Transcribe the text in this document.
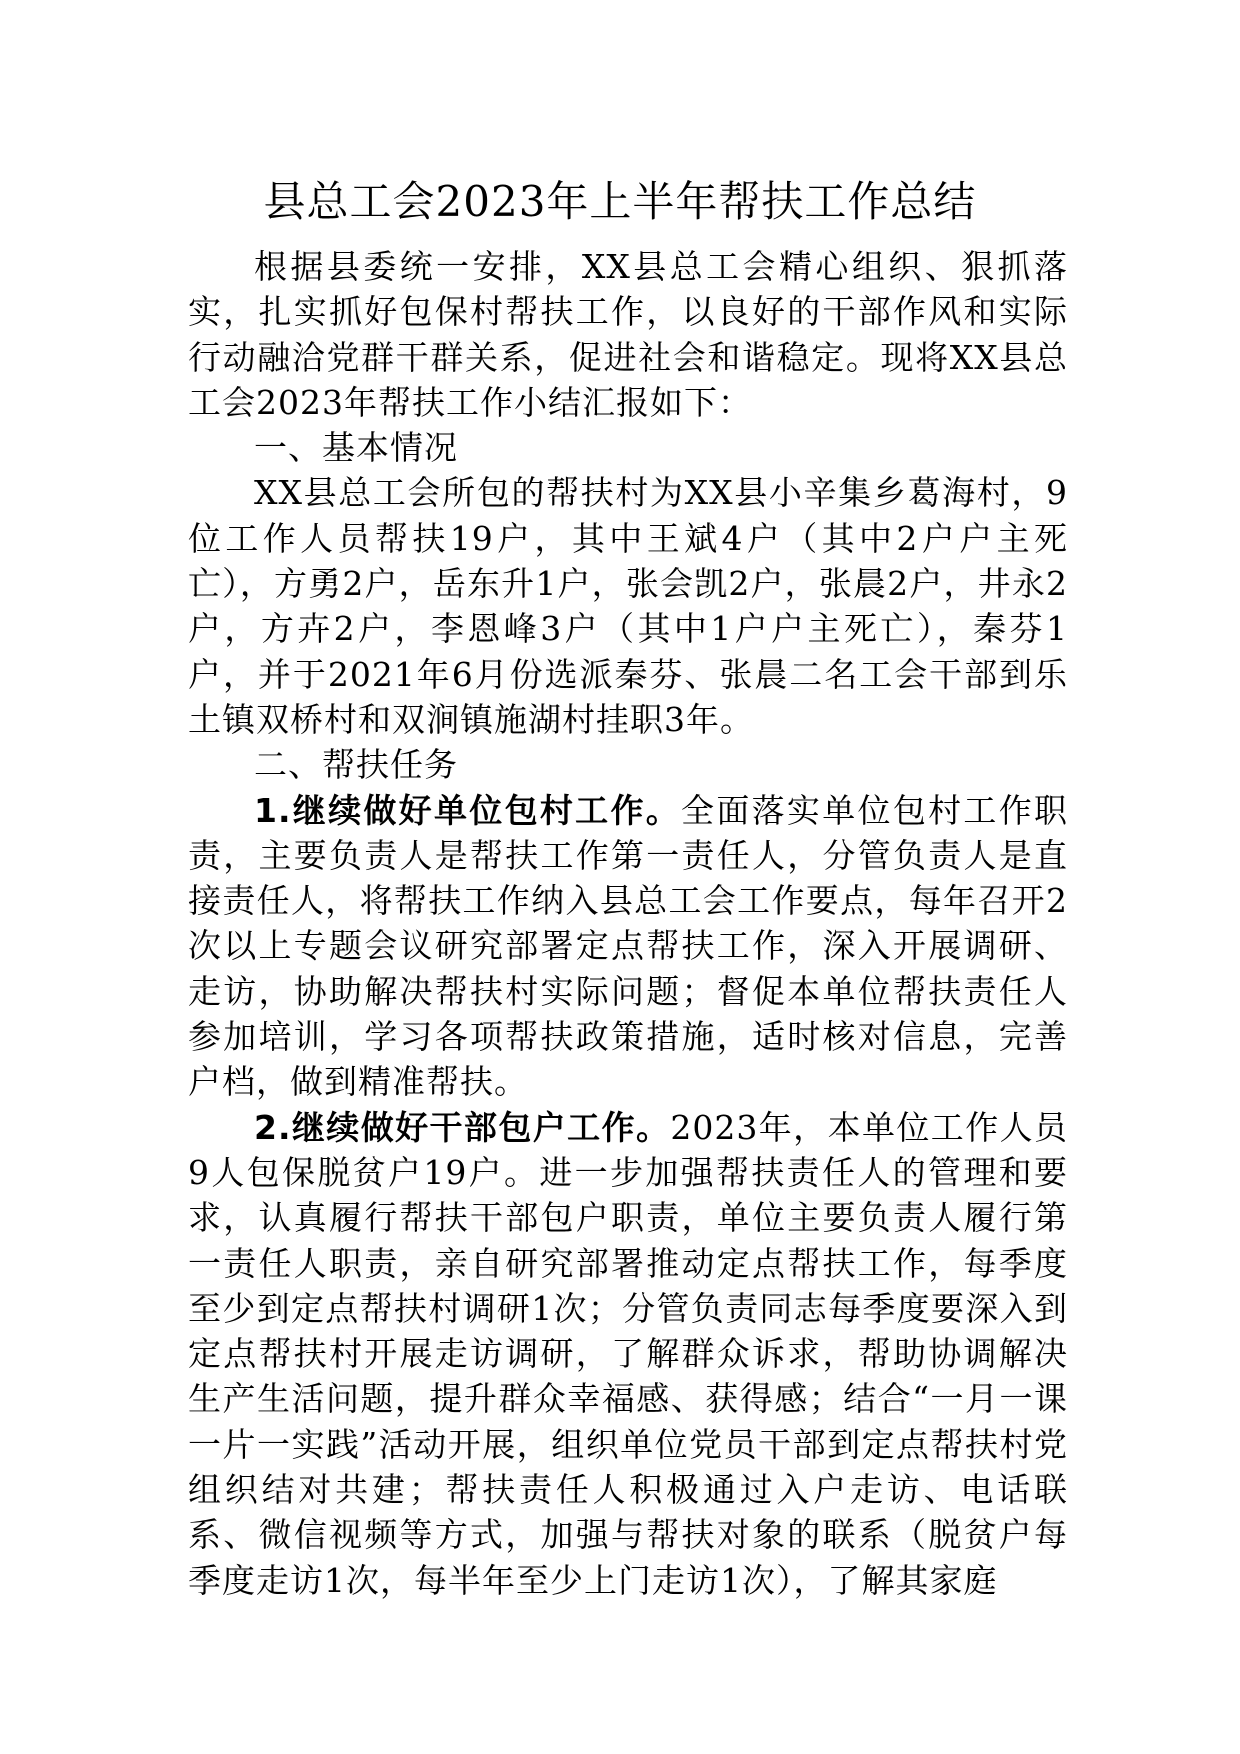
县总工会2023年上半年帮扶工作总结

根据县委统一安排，XX县总工会精心组织、狠抓落实，扎实抓好包保村帮扶工作，以良好的干部作风和实际行动融洽党群干群关系，促进社会和谐稳定。现将XX县总工会2023年帮扶工作小结汇报如下：

一、基本情况

XX县总工会所包的帮扶村为XX县小辛集乡葛海村，9位工作人员帮扶19户，其中王斌4户（其中2户户主死亡），方勇2户，岳东升1户，张会凯2户，张晨2户，井永2户，方卉2户，李恩峰3户（其中1户户主死亡），秦芬1户，并于2021年6月份选派秦芬、张晨二名工会干部到乐土镇双桥村和双涧镇施湖村挂职3年。

二、帮扶任务

1.继续做好单位包村工作。全面落实单位包村工作职责，主要负责人是帮扶工作第一责任人，分管负责人是直接责任人，将帮扶工作纳入县总工会工作要点，每年召开2次以上专题会议研究部署定点帮扶工作，深入开展调研、走访，协助解决帮扶村实际问题；督促本单位帮扶责任人参加培训，学习各项帮扶政策措施，适时核对信息，完善户档，做到精准帮扶。

2.继续做好干部包户工作。2023年，本单位工作人员9人包保脱贫户19户。进一步加强帮扶责任人的管理和要求，认真履行帮扶干部包户职责，单位主要负责人履行第一责任人职责，亲自研究部署推动定点帮扶工作，每季度至少到定点帮扶村调研1次；分管负责同志每季度要深入到定点帮扶村开展走访调研，了解群众诉求，帮助协调解决生产生活问题，提升群众幸福感、获得感；结合“一月一课一片一实践”活动开展，组织单位党员干部到定点帮扶村党组织结对共建；帮扶责任人积极通过入户走访、电话联系、微信视频等方式，加强与帮扶对象的联系（脱贫户每季度走访1次，每半年至少上门走访1次），了解其家庭
